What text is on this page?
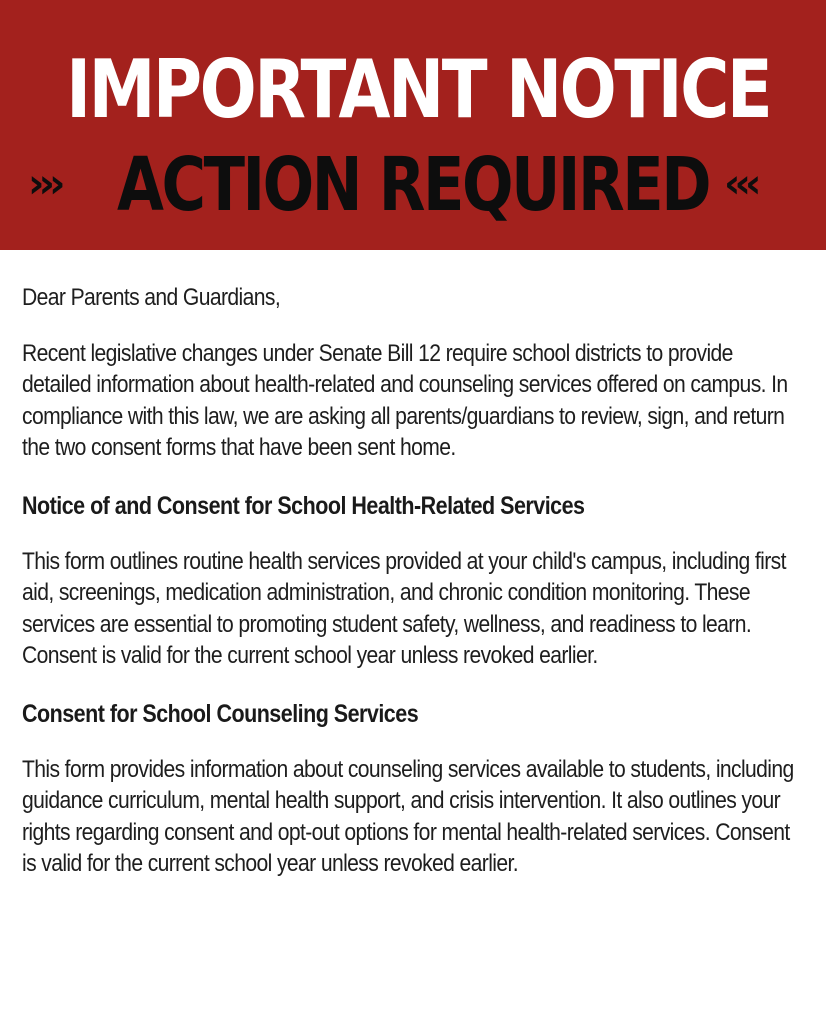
IMPORTANT NOTICE
››› ACTION REQUIRED ‹‹‹

Dear Parents and Guardians,

Recent legislative changes under Senate Bill 12 require school districts to provide detailed information about health-related and counseling services offered on campus. In compliance with this law, we are asking all parents/guardians to review, sign, and return the two consent forms that have been sent home.

Notice of and Consent for School Health-Related Services

This form outlines routine health services provided at your child's campus, including first aid, screenings, medication administration, and chronic condition monitoring. These services are essential to promoting student safety, wellness, and readiness to learn. Consent is valid for the current school year unless revoked earlier.

Consent for School Counseling Services

This form provides information about counseling services available to students, including guidance curriculum, mental health support, and crisis intervention. It also outlines your rights regarding consent and opt-out options for mental health-related services. Consent is valid for the current school year unless revoked earlier.
